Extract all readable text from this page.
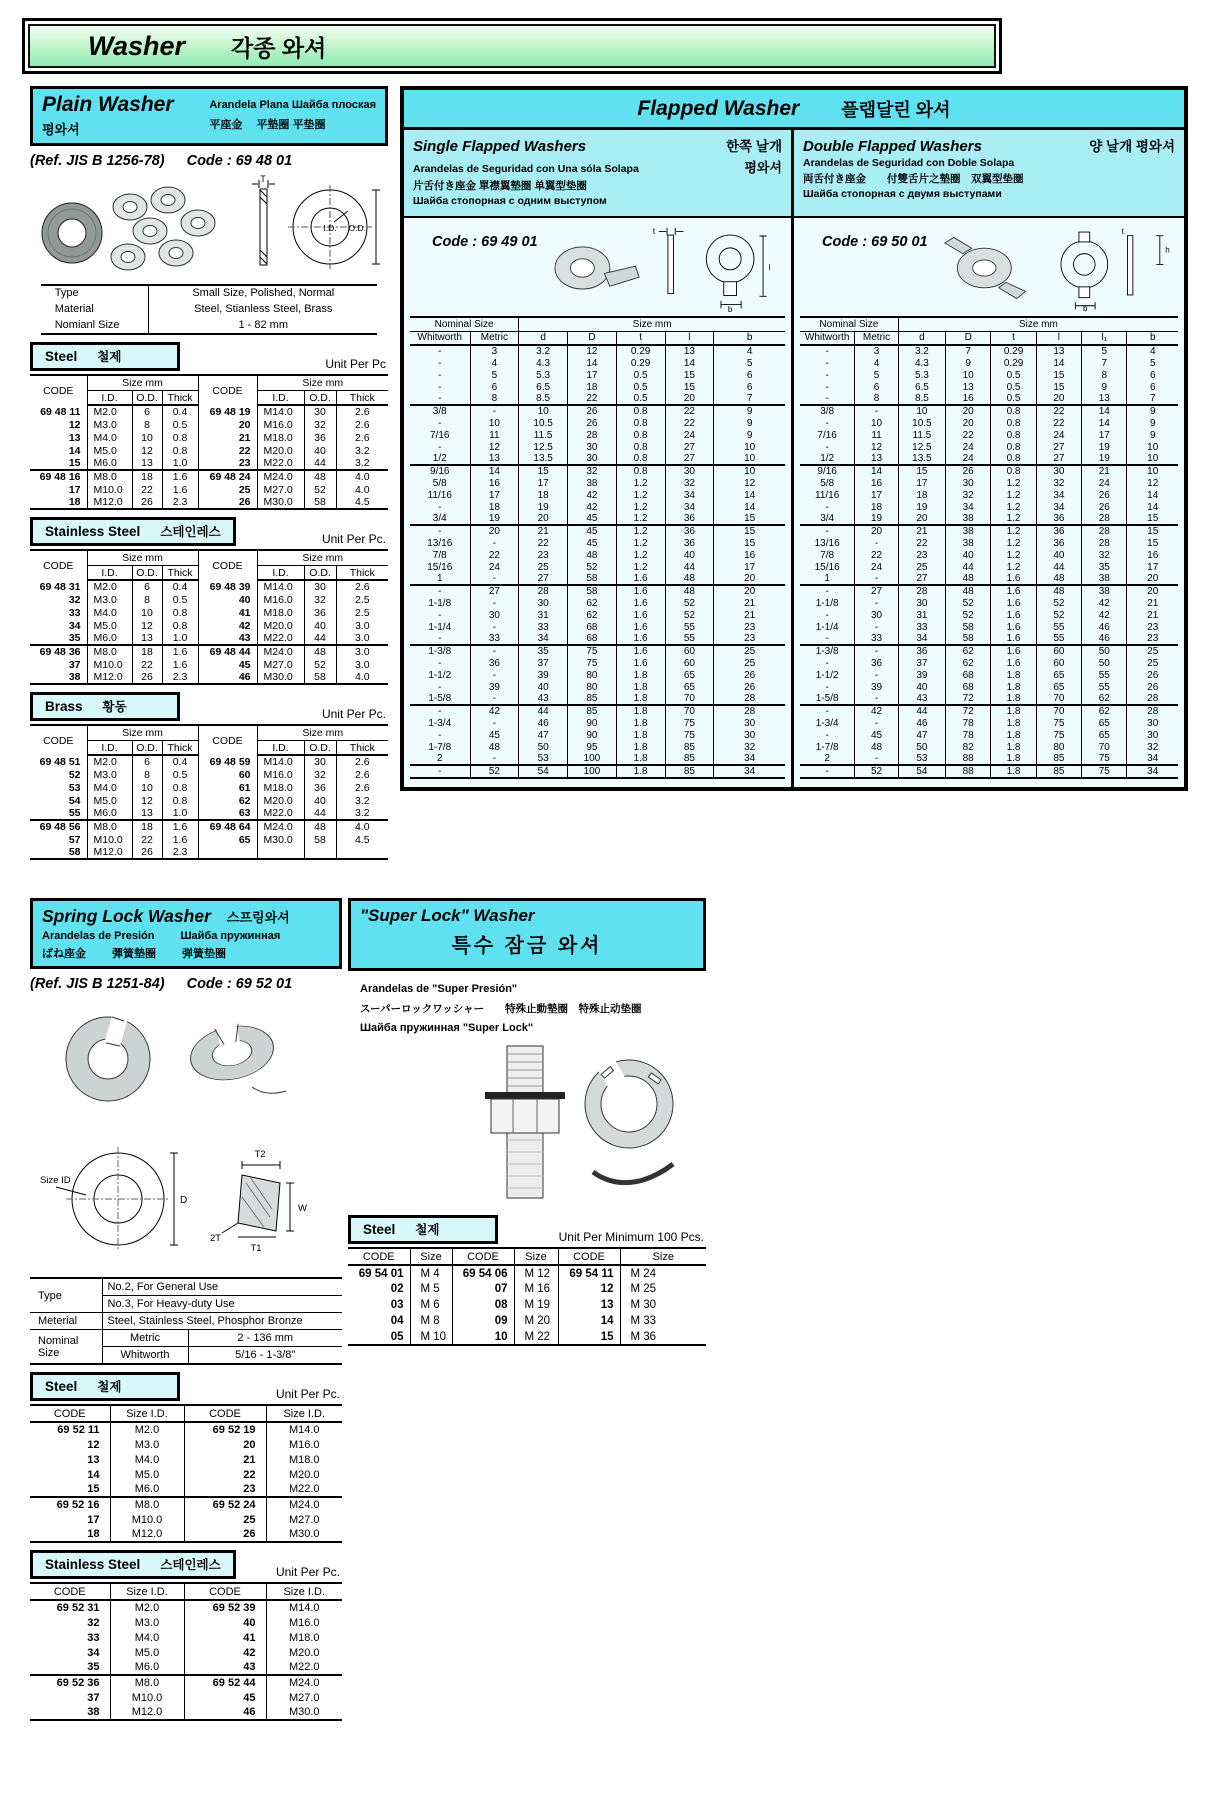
Washer 각종 와셔
Plain Washer
평와셔
Arandela Plana Шайба плоская
平座金　 平墊圈 平垫圈
(Ref. JIS B 1256-78) Code : 69 48 01
T
I.D. O.D.
Type	Small Size, Polished, Normal
Material	Steel, Stianless Steel, Brass
Nomianl Size	1 - 82 mm
Steel 철제	Unit Per Pc
CODE	Size mm			CODE	Size mm		
	I.D.	O.D.	Thick		I.D.	O.D.	Thick
69 48 11	M2.0	6	0.4	69 48 19	M14.0	30	2.6
12	M3.0	8	0.5	20	M16.0	32	2.6
13	M4.0	10	0.8	21	M18.0	36	2.6
14	M5.0	12	0.8	22	M20.0	40	3.2
15	M6.0	13	1.0	23	M22.0	44	3.2
69 48 16	M8.0	18	1.6	69 48 24	M24.0	48	4.0
17	M10.0	22	1.6	25	M27.0	52	4.0
18	M12.0	26	2.3	26	M30.0	58	4.5
Stainless Steel 스테인레스	Unit Per Pc.
CODE	Size mm			CODE	Size mm		
	I.D.	O.D.	Thick		I.D.	O.D.	Thick
69 48 31	M2.0	6	0.4	69 48 39	M14.0	30	2.6
32	M3.0	8	0.5	40	M16.0	32	2.5
33	M4.0	10	0.8	41	M18.0	36	2.5
34	M5.0	12	0.8	42	M20.0	40	3.0
35	M6.0	13	1.0	43	M22.0	44	3.0
69 48 36	M8.0	18	1.6	69 48 44	M24.0	48	3.0
37	M10.0	22	1.6	45	M27.0	52	3.0
38	M12.0	26	2.3	46	M30.0	58	4.0
Brass 황동	Unit Per Pc.
CODE	Size mm			CODE	Size mm		
	I.D.	O.D.	Thick		I.D.	O.D.	Thick
69 48 51	M2.0	6	0.4	69 48 59	M14.0	30	2.6
52	M3.0	8	0.5	60	M16.0	32	2.6
53	M4.0	10	0.8	61	M18.0	36	2.6
54	M5.0	12	0.8	62	M20.0	40	3.2
55	M6.0	13	1.0	63	M22.0	44	3.2
69 48 56	M8.0	18	1.6	69 48 64	M24.0	48	4.0
57	M10.0	22	1.6	65	M30.0	58	4.5
58	M12.0	26	2.3				
Flapped Washer 플랩달린 와셔
Single Flapped Washers	한쪽 날개
Arandelas de Seguridad con Una sóla Solapa	평와셔
片舌付き座金 單襟翼墊圈 单翼型垫圈
Шайба стопорная с одним выступом
Code : 69 49 01
t
l
b
Nominal Size		Size mm				
Whitworth	Metric	d	D	t	l	b
-	3	3.2	12	0.29	13	4
-	4	4.3	14	0.29	14	5
-	5	5.3	17	0.5	15	6
-	6	6.5	18	0.5	15	6
-	8	8.5	22	0.5	20	7
3/8	-	10	26	0.8	22	9
-	10	10.5	26	0.8	22	9
7/16	11	11.5	28	0.8	24	9
-	12	12.5	30	0.8	27	10
1/2	13	13.5	30	0.8	27	10
9/16	14	15	32	0.8	30	10
5/8	16	17	38	1.2	32	12
11/16	17	18	42	1.2	34	14
-	18	19	42	1.2	34	14
3/4	19	20	45	1.2	36	15
-	20	21	45	1.2	36	15
13/16	-	22	45	1.2	36	15
7/8	22	23	48	1.2	40	16
15/16	24	25	52	1.2	44	17
1	-	27	58	1.6	48	20
-	27	28	58	1.6	48	20
1-1/8	-	30	62	1.6	52	21
-	30	31	62	1.6	52	21
1-1/4	-	33	68	1.6	55	23
-	33	34	68	1.6	55	23
1-3/8	-	35	75	1.6	60	25
-	36	37	75	1.6	60	25
1-1/2	-	39	80	1.8	65	26
-	39	40	80	1.8	65	26
1-5/8	-	43	85	1.8	70	28
-	42	44	85	1.8	70	28
1-3/4	-	46	90	1.8	75	30
-	45	47	90	1.8	75	30
1-7/8	48	50	95	1.8	85	32
2	-	53	100	1.8	85	34
-	52	54	100	1.8	85	34
Double Flapped Washers	양 날개 평와셔
Arandelas de Seguridad con Doble Solapa
両舌付き座金　　付雙舌片之墊圈　双翼型垫圈
Шайба стопорная с двумя выступами
Code : 69 50 01
t
h
b
Nominal Size		Size mm					
Whitworth	Metric	d	D	t	l	l₁	b
-	3	3.2	7	0.29	13	5	4
-	4	4.3	9	0.29	14	7	5
-	5	5.3	10	0.5	15	8	6
-	6	6.5	13	0.5	15	9	6
-	8	8.5	16	0.5	20	13	7
3/8	-	10	20	0.8	22	14	9
-	10	10.5	20	0.8	22	14	9
7/16	11	11.5	22	0.8	24	17	9
-	12	12.5	24	0.8	27	19	10
1/2	13	13.5	24	0.8	27	19	10
9/16	14	15	26	0.8	30	21	10
5/8	16	17	30	1.2	32	24	12
11/16	17	18	32	1.2	34	26	14
-	18	19	34	1.2	34	26	14
3/4	19	20	38	1.2	36	28	15
-	20	21	38	1.2	36	28	15
13/16	-	22	38	1.2	36	28	15
7/8	22	23	40	1.2	40	32	16
15/16	24	25	44	1.2	44	35	17
1	-	27	48	1.6	48	38	20
-	27	28	48	1.6	48	38	20
1-1/8	-	30	52	1.6	52	42	21
-	30	31	52	1.6	52	42	21
1-1/4	-	33	58	1.6	55	46	23
-	33	34	58	1.6	55	46	23
1-3/8	-	36	62	1.6	60	50	25
-	36	37	62	1.6	60	50	25
1-1/2	-	39	68	1.8	65	55	26
-	39	40	68	1.8	65	55	26
1-5/8	-	43	72	1.8	70	62	28
-	42	44	72	1.8	70	62	28
1-3/4	-	46	78	1.8	75	65	30
-	45	47	78	1.8	75	65	30
1-7/8	48	50	82	1.8	80	70	32
2	-	53	88	1.8	85	75	34
-	52	54	88	1.8	85	75	34
Spring Lock Washer 스프링와셔
Arandelas de Presión Шайба пружинная
ばね座金 彈簧墊圈 弹簧垫圈
(Ref. JIS B 1251-84) Code : 69 52 01
Size ID
D
T2
W
T1
2T
Type	No.2, For General Use	
	No.3, For Heavy-duty Use	
Meterial	Steel, Stainless Steel, Phosphor Bronze	
Nominal Size	Metric	2 - 136 mm
	Whitworth	5/16 - 1-3/8"
Steel 철제	Unit Per Pc.
CODE	Size I.D.	CODE	Size I.D.
69 52 11	M2.0	69 52 19	M14.0
12	M3.0	20	M16.0
13	M4.0	21	M18.0
14	M5.0	22	M20.0
15	M6.0	23	M22.0
69 52 16	M8.0	69 52 24	M24.0
17	M10.0	25	M27.0
18	M12.0	26	M30.0
Stainless Steel 스테인레스	Unit Per Pc.
CODE	Size I.D.	CODE	Size I.D.
69 52 31	M2.0	69 52 39	M14.0
32	M3.0	40	M16.0
33	M4.0	41	M18.0
34	M5.0	42	M20.0
35	M6.0	43	M22.0
69 52 36	M8.0	69 52 44	M24.0
37	M10.0	45	M27.0
38	M12.0	46	M30.0
"Super Lock" Washer
특수 잠금 와셔
Arandelas de "Super Presión"
スーパーロックワッシャー　　特殊止動墊圈　特殊止动垫圈
Шайба пружинная "Super Lock"
Steel 철제	Unit Per Minimum 100 Pcs.
CODE	Size	CODE	Size	CODE	Size
69 54 01	M 4	69 54 06	M 12	69 54 11	M 24
02	M 5	07	M 16	12	M 25
03	M 6	08	M 19	13	M 30
04	M 8	09	M 20	14	M 33
05	M 10	10	M 22	15	M 36
